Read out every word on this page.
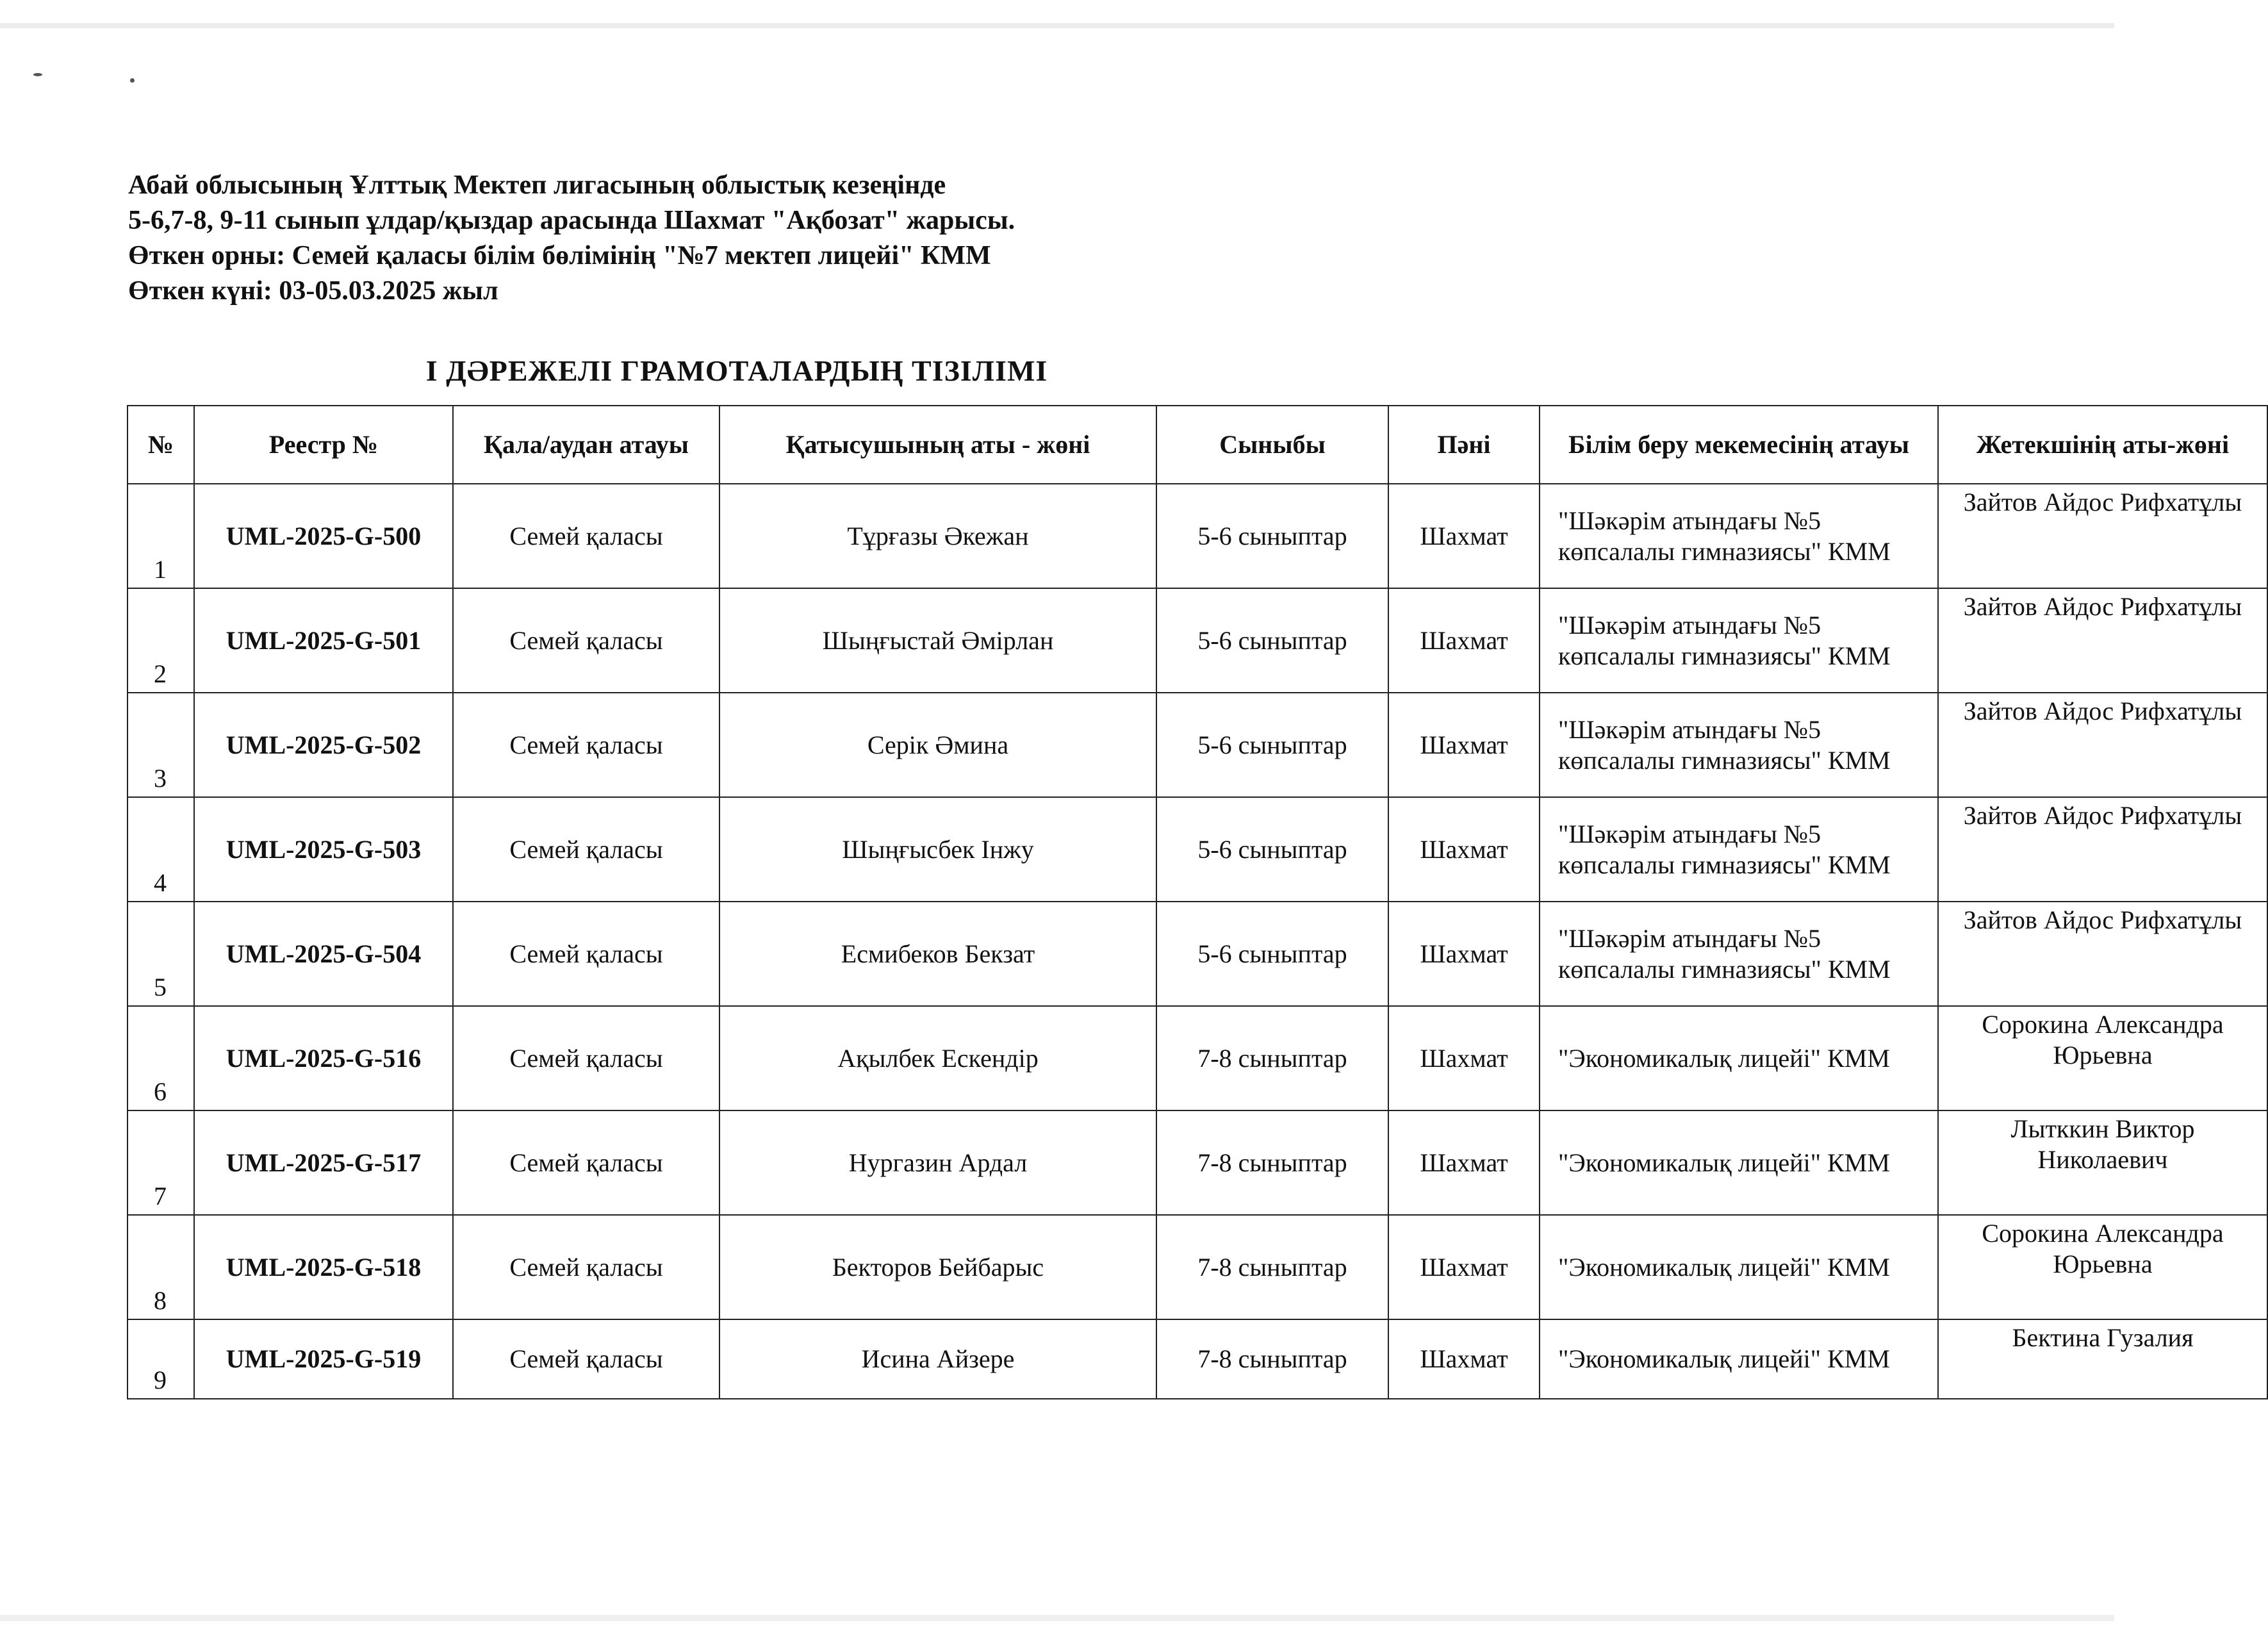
Абай облысының Ұлттық Мектеп лигасының облыстық кезеңінде
5-6,7-8, 9-11 сынып ұлдар/қыздар арасында Шахмат "Ақбозат" жарысы.
Өткен орны: Семей қаласы білім бөлімінің "№7 мектеп лицейі" КММ
Өткен күні: 03-05.03.2025 жыл
І ДӘРЕЖЕЛІ ГРАМОТАЛАРДЫҢ ТІЗІЛІМІ
№	Реестр №	Қала/аудан атауы	Қатысушының аты - жөні	Сыныбы	Пәні	Білім беру мекемесінің атауы	Жетекшінің аты-жөні
1	UML-2025-G-500	Семей қаласы	Тұрғазы Әкежан	5-6 сыныптар	Шахмат	"Шәкәрім атындағы №5 көпсалалы гимназиясы" КММ	Зайтов Айдос Рифхатұлы
2	UML-2025-G-501	Семей қаласы	Шыңғыстай Әмірлан	5-6 сыныптар	Шахмат	"Шәкәрім атындағы №5 көпсалалы гимназиясы" КММ	Зайтов Айдос Рифхатұлы
3	UML-2025-G-502	Семей қаласы	Серік Әмина	5-6 сыныптар	Шахмат	"Шәкәрім атындағы №5 көпсалалы гимназиясы" КММ	Зайтов Айдос Рифхатұлы
4	UML-2025-G-503	Семей қаласы	Шыңғысбек Інжу	5-6 сыныптар	Шахмат	"Шәкәрім атындағы №5 көпсалалы гимназиясы" КММ	Зайтов Айдос Рифхатұлы
5	UML-2025-G-504	Семей қаласы	Есмибеков Бекзат	5-6 сыныптар	Шахмат	"Шәкәрім атындағы №5 көпсалалы гимназиясы" КММ	Зайтов Айдос Рифхатұлы
6	UML-2025-G-516	Семей қаласы	Ақылбек Ескендір	7-8 сыныптар	Шахмат	"Экономикалық лицейі" КММ	Сорокина Александра Юрьевна
7	UML-2025-G-517	Семей қаласы	Нургазин Ардал	7-8 сыныптар	Шахмат	"Экономикалық лицейі" КММ	Лытккин Виктор Николаевич
8	UML-2025-G-518	Семей қаласы	Бекторов Бейбарыс	7-8 сыныптар	Шахмат	"Экономикалық лицейі" КММ	Сорокина Александра Юрьевна
9	UML-2025-G-519	Семей қаласы	Исина Айзере	7-8 сыныптар	Шахмат	"Экономикалық лицейі" КММ	Бектина Гузалия
